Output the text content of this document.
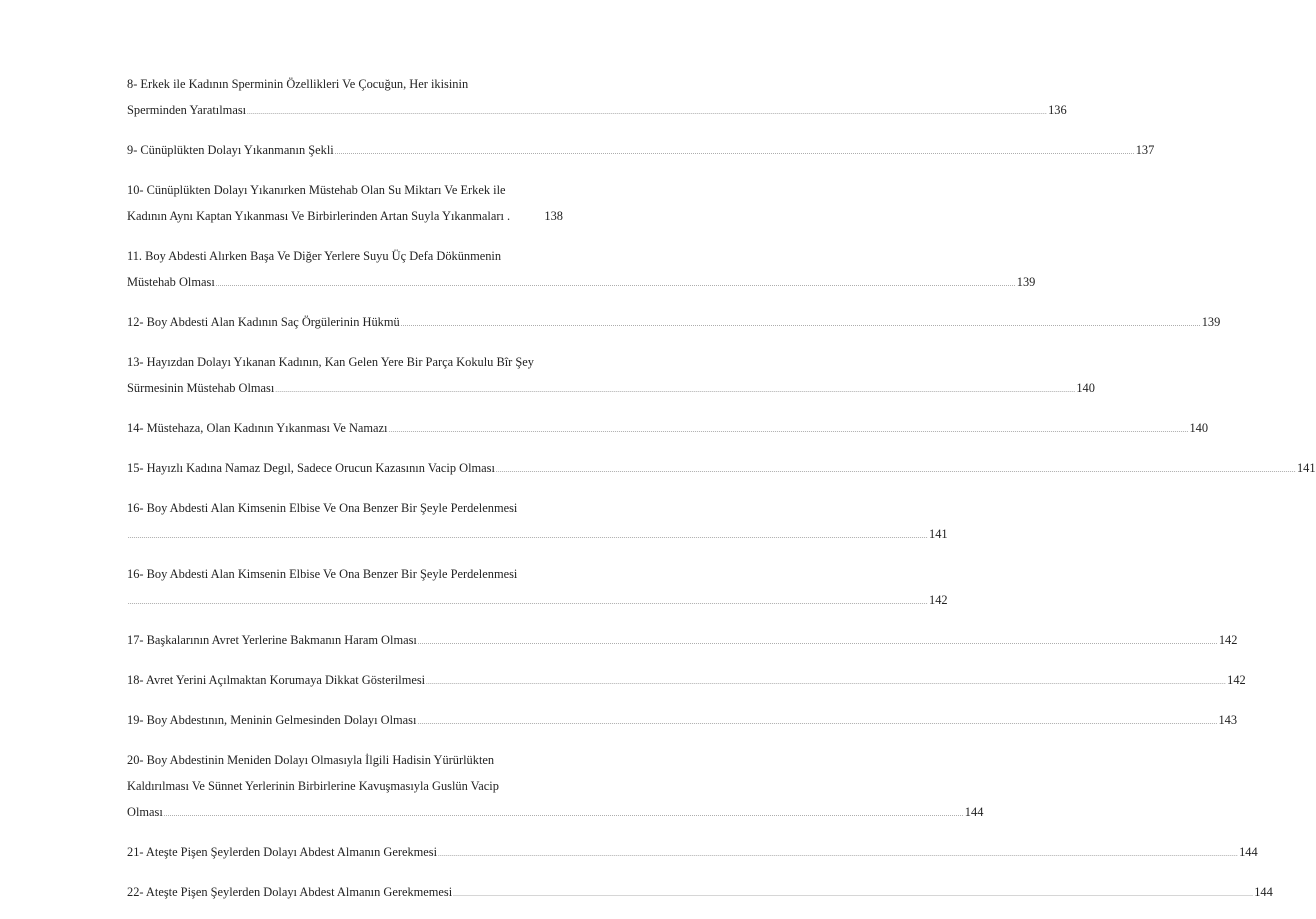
8- Erkek ile Kadının Sperminin Özellikleri Ve Çocuğun, Her ikisinin
Sperminden Yaratılması ................................................................................................................................................................................................................................................................................................................................................................................................................ 136
9- Cünüplükten Dolayı Yıkanmanın Şekli ................................................................................................................................................................................................................................................................................................................................................................................................................ 137
10- Cünüplükten Dolayı Yıkanırken Müstehab Olan Su Miktarı Ve Erkek ile
Kadının Aynı Kaptan Yıkanması Ve Birbirlerinden Artan Suyla Yıkanmaları .	138
11. Boy Abdesti Alırken Başa Ve Diğer Yerlere Suyu Üç Defa Dökünmenin
Müstehab Olması ................................................................................................................................................................................................................................................................................................................................................................................................................ 139
12- Boy Abdesti Alan Kadının Saç Örgülerinin Hükmü ................................................................................................................................................................................................................................................................................................................................................................................................................ 139
13- Hayızdan Dolayı Yıkanan Kadının, Kan Gelen Yere Bir Parça Kokulu Bîr Şey
Sürmesinin Müstehab Olması ................................................................................................................................................................................................................................................................................................................................................................................................................ 140
14- Müstehaza, Olan Kadının Yıkanması Ve Namazı ................................................................................................................................................................................................................................................................................................................................................................................................................ 140
15- Hayızlı Kadına Namaz Degıl, Sadece Orucun Kazasının Vacip Olması ................................................................................................................................................................................................................................................................................................................................................................................................................ 141
16- Boy Abdesti Alan Kimsenin Elbise Ve Ona Benzer Bir Şeyle Perdelenmesi
................................................................................................................................................................................................................................................................................................................................................................................................................ 141
16- Boy Abdesti Alan Kimsenin Elbise Ve Ona Benzer Bir Şeyle Perdelenmesi
................................................................................................................................................................................................................................................................................................................................................................................................................ 142
17- Başkalarının Avret Yerlerine Bakmanın Haram Olması ................................................................................................................................................................................................................................................................................................................................................................................................................ 142
18- Avret Yerini Açılmaktan Korumaya Dikkat Gösterilmesi ................................................................................................................................................................................................................................................................................................................................................................................................................ 142
19- Boy Abdestının, Meninin Gelmesinden Dolayı Olması ................................................................................................................................................................................................................................................................................................................................................................................................................ 143
20- Boy Abdestinin Meniden Dolayı Olmasıyla İlgili Hadisin Yürürlükten
Kaldırılması Ve Sünnet Yerlerinin Birbirlerine Kavuşmasıyla Guslün Vacip
Olması ................................................................................................................................................................................................................................................................................................................................................................................................................ 144
21- Ateşte Pişen Şeylerden Dolayı Abdest Almanın Gerekmesi ................................................................................................................................................................................................................................................................................................................................................................................................................ 144
22- Ateşte Pişen Şeylerden Dolayı Abdest Almanın Gerekmemesi ................................................................................................................................................................................................................................................................................................................................................................................................................ 144
